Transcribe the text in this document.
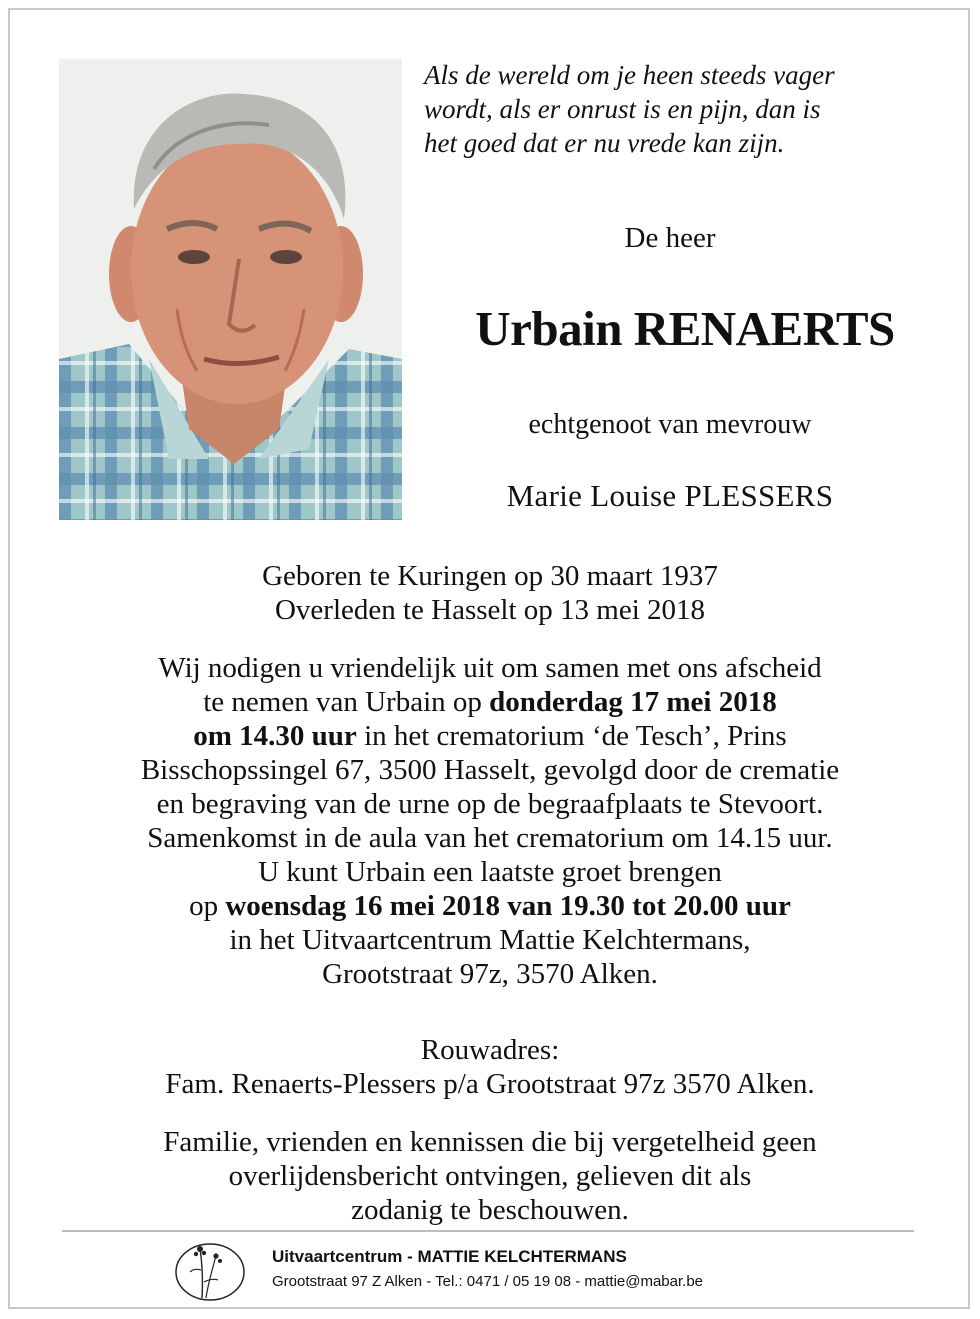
Als de wereld om je heen steeds vager
wordt, als er onrust is en pijn, dan is
het goed dat er nu vrede kan zijn.
De heer
Urbain RENAERTS
echtgenoot van mevrouw
Marie Louise PLESSERS
Geboren te Kuringen op 30 maart 1937
Overleden te Hasselt op 13 mei 2018
Wij nodigen u vriendelijk uit om samen met ons afscheid
te nemen van Urbain op donderdag 17 mei 2018
om 14.30 uur in het crematorium ‘de Tesch’, Prins
Bisschopssingel 67, 3500 Hasselt, gevolgd door de crematie
en begraving van de urne op de begraafplaats te Stevoort.
Samenkomst in de aula van het crematorium om 14.15 uur.
U kunt Urbain een laatste groet brengen
op woensdag 16 mei 2018 van 19.30 tot 20.00 uur
in het Uitvaartcentrum Mattie Kelchtermans,
Grootstraat 97z, 3570 Alken.
Rouwadres:
Fam. Renaerts-Plessers p/a Grootstraat 97z 3570 Alken.
Familie, vrienden en kennissen die bij vergetelheid geen
overlijdensbericht ontvingen, gelieven dit als
zodanig te beschouwen.
Uitvaartcentrum - MATTIE KELCHTERMANS
Grootstraat 97 Z Alken - Tel.: 0471 / 05 19 08 - mattie@mabar.be
